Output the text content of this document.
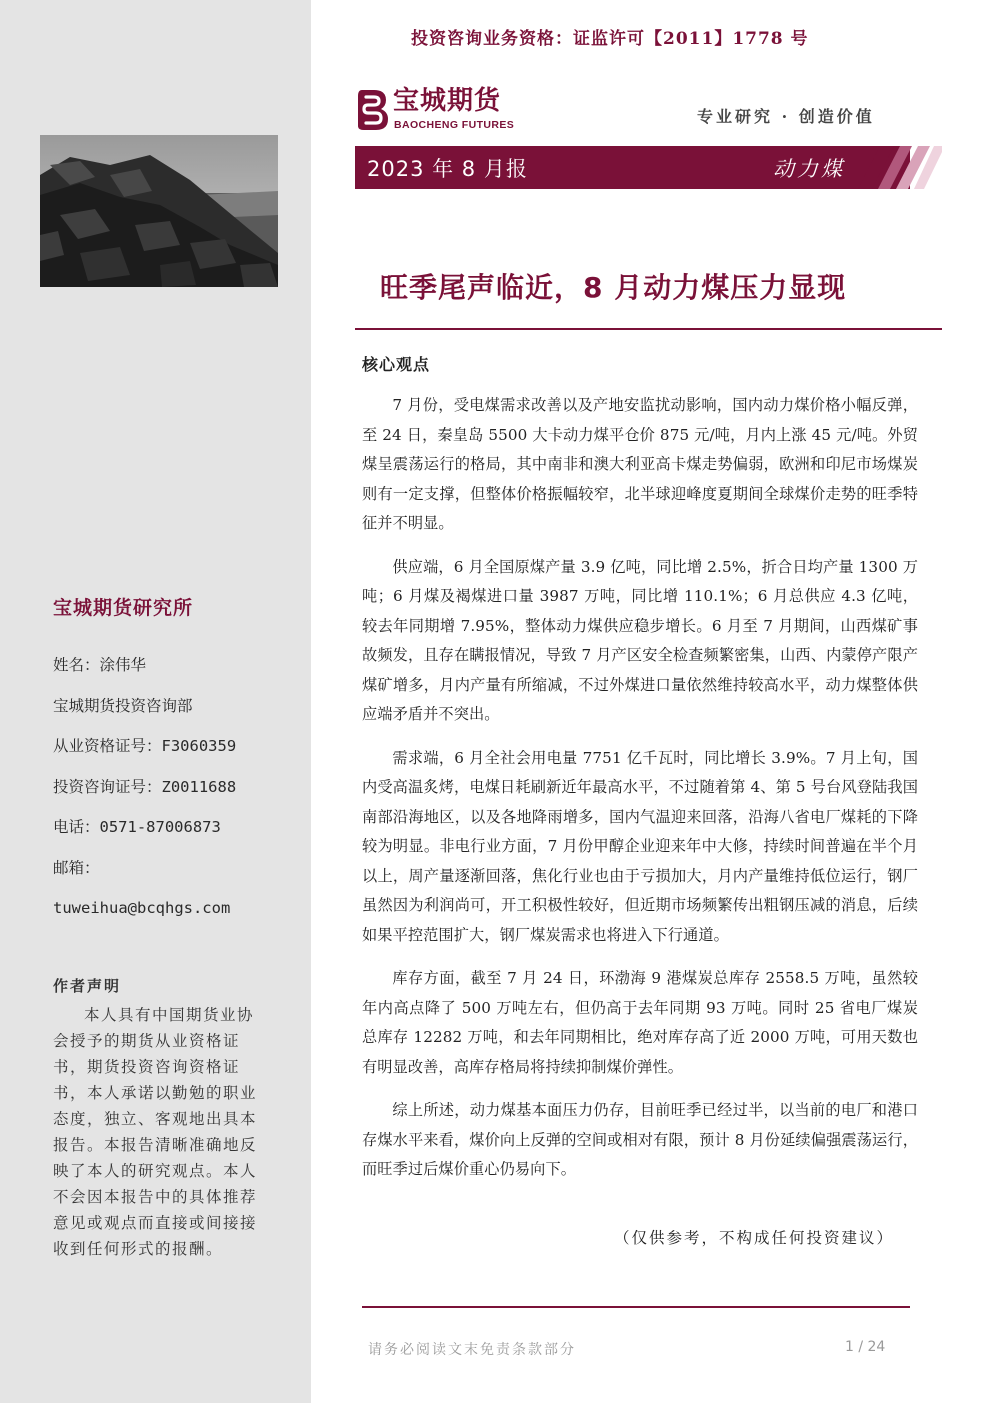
宝城期货研究所
姓名：涂伟华
宝城期货投资咨询部
从业资格证号：F3060359
投资咨询证号：Z0011688
电话：0571-87006873
邮箱：
tuweihua@bcqhgs.com
作者声明
本人具有中国期货业协会授予的期货从业资格证书，期货投资咨询资格证书，本人承诺以勤勉的职业态度，独立、客观地出具本报告。本报告清晰准确地反映了本人的研究观点。本人不会因本报告中的具体推荐意见或观点而直接或间接接收到任何形式的报酬。
投资咨询业务资格：证监许可【2011】1778 号
宝城期货
BAOCHENG FUTURES	专业研究 · 创造价值
2023 年 8 月报	动力煤
旺季尾声临近，8 月动力煤压力显现
核心观点

7 月份，受电煤需求改善以及产地安监扰动影响，国内动力煤价格小幅反弹，至 24 日，秦皇岛 5500 大卡动力煤平仓价 875 元/吨，月内上涨 45 元/吨。外贸煤呈震荡运行的格局，其中南非和澳大利亚高卡煤走势偏弱，欧洲和印尼市场煤炭则有一定支撑，但整体价格振幅较窄，北半球迎峰度夏期间全球煤价走势的旺季特征并不明显。

供应端，6 月全国原煤产量 3.9 亿吨，同比增 2.5%，折合日均产量 1300 万吨；6 月煤及褐煤进口量 3987 万吨，同比增 110.1%；6 月总供应 4.3 亿吨，较去年同期增 7.95%，整体动力煤供应稳步增长。6 月至 7 月期间，山西煤矿事故频发，且存在瞒报情况，导致 7 月产区安全检查频繁密集，山西、内蒙停产限产煤矿增多，月内产量有所缩减，不过外煤进口量依然维持较高水平，动力煤整体供应端矛盾并不突出。

需求端，6 月全社会用电量 7751 亿千瓦时，同比增长 3.9%。7 月上旬，国内受高温炙烤，电煤日耗刷新近年最高水平，不过随着第 4、第 5 号台风登陆我国南部沿海地区，以及各地降雨增多，国内气温迎来回落，沿海八省电厂煤耗的下降较为明显。非电行业方面，7 月份甲醇企业迎来年中大修，持续时间普遍在半个月以上，周产量逐渐回落，焦化行业也由于亏损加大，月内产量维持低位运行，钢厂虽然因为利润尚可，开工积极性较好，但近期市场频繁传出粗钢压减的消息，后续如果平控范围扩大，钢厂煤炭需求也将进入下行通道。

库存方面，截至 7 月 24 日，环渤海 9 港煤炭总库存 2558.5 万吨，虽然较年内高点降了 500 万吨左右，但仍高于去年同期 93 万吨。同时 25 省电厂煤炭总库存 12282 万吨，和去年同期相比，绝对库存高了近 2000 万吨，可用天数也有明显改善，高库存格局将持续抑制煤价弹性。

综上所述，动力煤基本面压力仍存，目前旺季已经过半，以当前的电厂和港口存煤水平来看，煤价向上反弹的空间或相对有限，预计 8 月份延续偏强震荡运行，而旺季过后煤价重心仍易向下。

（仅供参考，不构成任何投资建议）
请务必阅读文末免责条款部分	1 / 24
